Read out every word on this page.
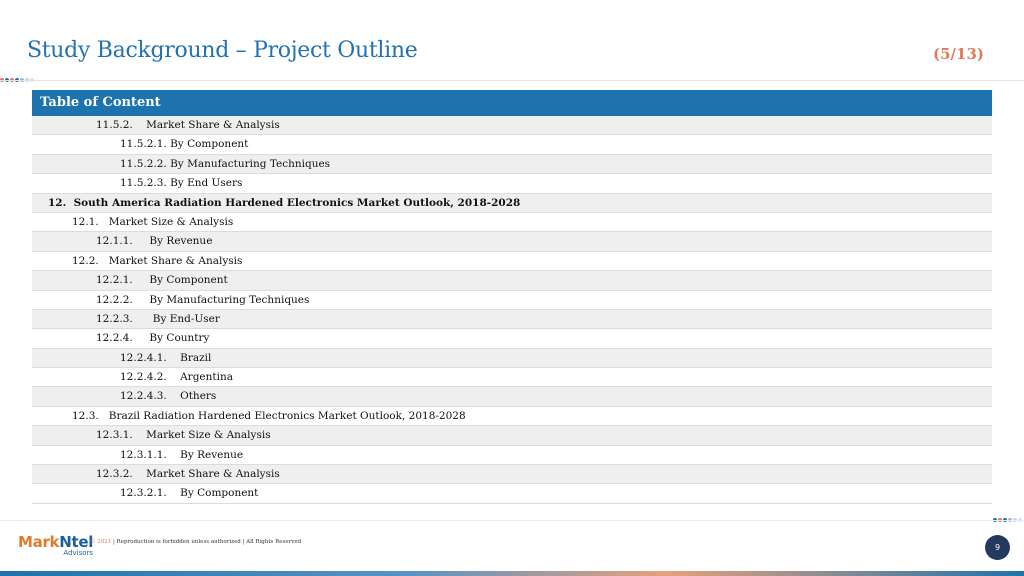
Study Background – Project Outline	(5/13)
Table of Content
11.5.2.    Market Share & Analysis
11.5.2.1. By Component
11.5.2.2. By Manufacturing Techniques
11.5.2.3. By End Users
12.  South America Radiation Hardened Electronics Market Outlook, 2018-2028
12.1.   Market Size & Analysis
12.1.1.     By Revenue
12.2.   Market Share & Analysis
12.2.1.     By Component
12.2.2.     By Manufacturing Techniques
12.2.3.      By End-User
12.2.4.     By Country
12.2.4.1.    Brazil
12.2.4.2.    Argentina
12.2.4.3.    Others
12.3.   Brazil Radiation Hardened Electronics Market Outlook, 2018-2028
12.3.1.    Market Size & Analysis
12.3.1.1.    By Revenue
12.3.2.    Market Share & Analysis
12.3.2.1.    By Component
MarkNtel
Advisors
© 2021 | Reproduction is forbidden unless authorized | All Rights Reserved
9
